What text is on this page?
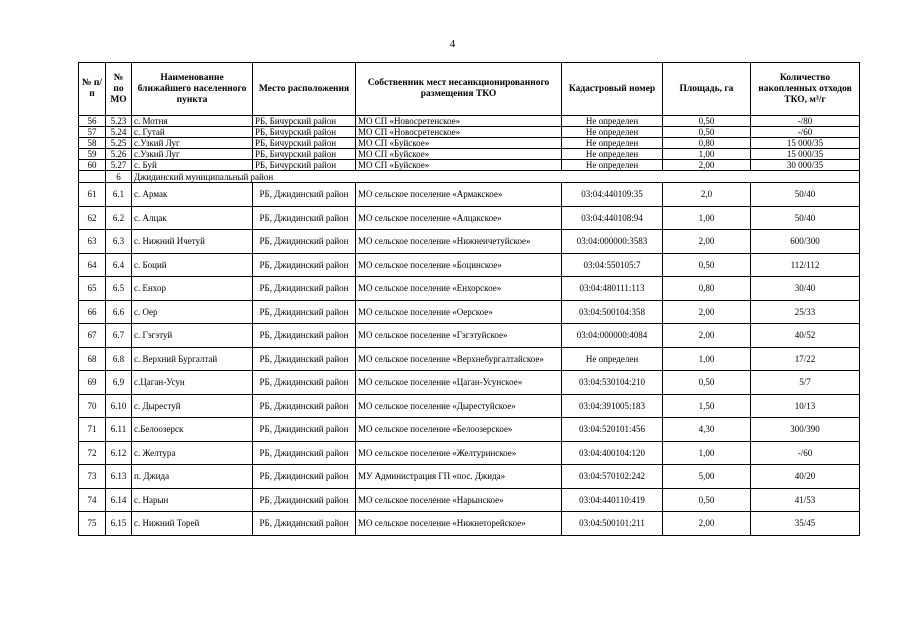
4
№ п/п	№ по МО	Наименование ближайшего населенного пункта	Место расположения	Собственник мест несанкционированного размещения ТКО	Кадастровый номер	Площадь, га	Количество накопленных отходов ТКО, м³/г
56	5.23	с. Мотня	РБ, Бичурский район	МО СП «Новосретенское»	Не определен	0,50	-/80
57	5.24	с. Гутай	РБ, Бичурский район	МО СП «Новосретенское»	Не определен	0,50	-/60
58	5.25	с.Узкий Луг	РБ, Бичурский район	МО СП «Буйское»	Не определен	0,80	15 000/35
59	5.26	с.Узкий Луг	РБ, Бичурский район	МО СП «Буйское»	Не определен	1,00	15 000/35
60	5.27	с. Буй	РБ, Бичурский район	МО СП «Буйское»	Не определен	2,00	30 000/35
	6	Джидинский муниципальный район					
61	6.1	с. Армак	РБ, Джидинский район	МО сельское поселение «Армакское»	03:04:440109:35	2,0	50/40
62	6.2	с. Алцак	РБ, Джидинский район	МО сельское поселение «Алцакское»	03:04:440108:94	1,00	50/40
63	6.3	с. Нижний Ичетуй	РБ, Джидинский район	МО сельское поселение «Нижнеичетуйское»	03:04:000000:3583	2,00	600/300
64	6.4	с. Боций	РБ, Джидинский район	МО сельское поселение «Боцинское»	03:04:550105:7	0,50	112/112
65	6.5	с. Енхор	РБ, Джидинский район	МО сельское поселение «Енхорское»	03:04:480111:113	0,80	30/40
66	6.6	с. Оер	РБ, Джидинский район	МО сельское поселение «Оерское»	03:04:500104:358	2,00	25/33
67	6.7	с. Гэгэтуй	РБ, Джидинский район	МО сельское поселение «Гэгэтуйское»	03:04:000000:4084	2,00	40/52
68	6.8	с. Верхний Бургалтай	РБ, Джидинский район	МО сельское поселение «Верхнебургалтайское»	Не определен	1,00	17/22
69	6.9	с.Цаган-Усун	РБ, Джидинский район	МО сельское поселение «Цаган-Усунское»	03:04:530104:210	0,50	5/7
70	6.10	с. Дырестуй	РБ, Джидинский район	МО сельское поселение «Дырестуйское»	03:04:391005:183	1,50	10/13
71	6.11	с.Белоозерск	РБ, Джидинский район	МО сельское поселение «Белоозерское»	03:04:520101:456	4,30	300/390
72	6.12	с. Желтура	РБ, Джидинский район	МО сельское поселение «Желтуринское»	03:04:400104:120	1,00	-/60
73	6.13	п. Джида	РБ, Джидинский район	МУ Администрация ГП «пос. Джида»	03:04:570102:242	5,00	40/20
74	6.14	с. Нарын	РБ, Джидинский район	МО сельское поселение «Нарынское»	03:04:440110:419	0,50	41/53
75	6.15	с. Нижний Торей	РБ, Джидинский район	МО сельское поселение «Нижнеторейское»	03:04:500101:211	2,00	35/45
